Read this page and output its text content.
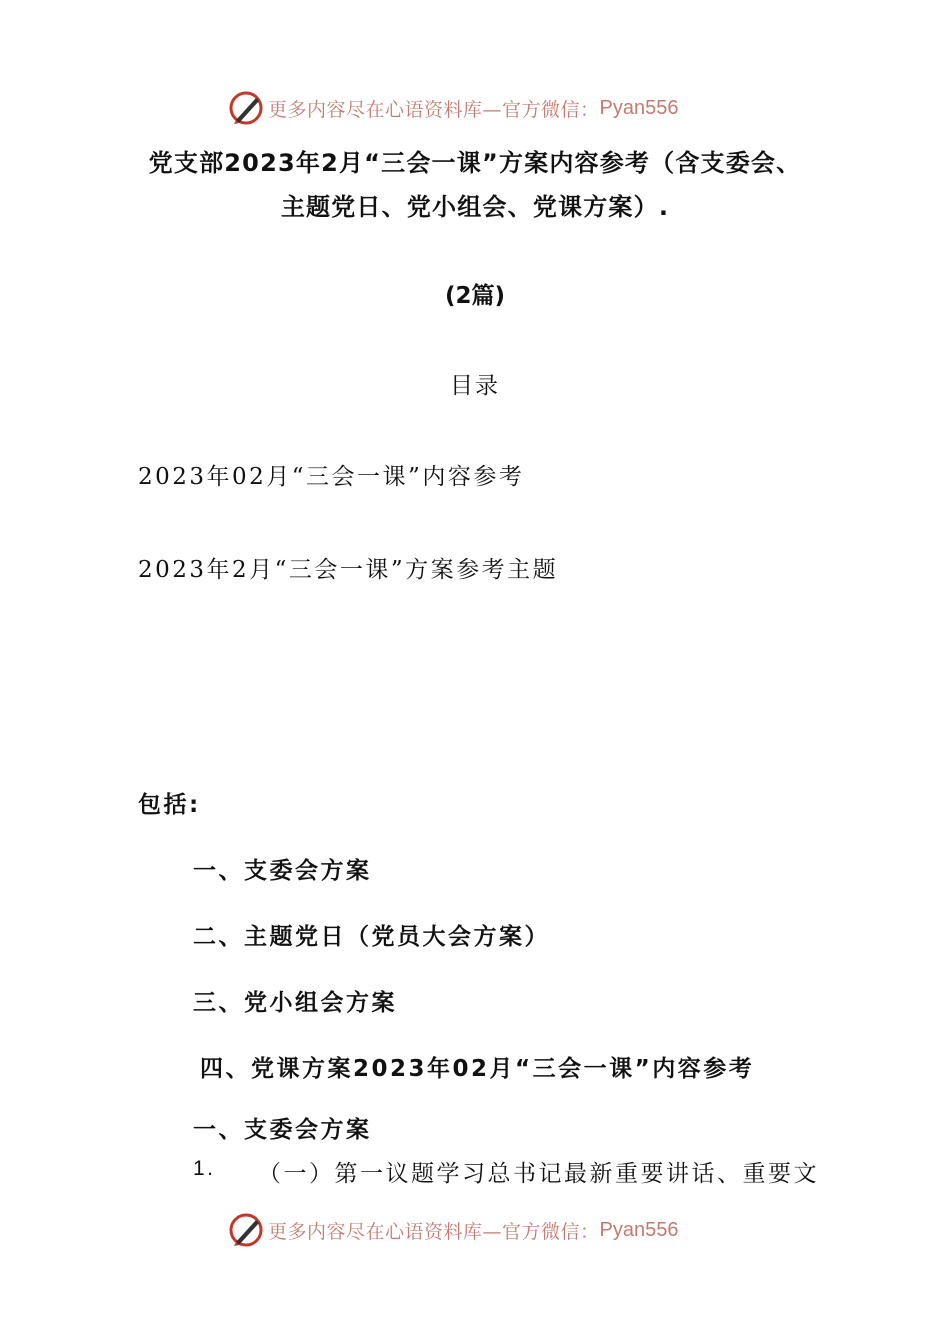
更多内容尽在心语资料库—官方微信： Pyan556
党支部2023年2月“三会一课”方案内容参考（含支委会、
主题党日、党小组会、党课方案）.
(2篇)
目录
2023年02月“三会一课”内容参考
2023年2月“三会一课”方案参考主题
包括:
一、支委会方案
二、主题党日（党员大会方案）
三、党小组会方案
四、党课方案2023年02月“三会一课”内容参考
一、支委会方案
1. （一）第一议题学习总书记最新重要讲话、重要文
更多内容尽在心语资料库—官方微信： Pyan556
